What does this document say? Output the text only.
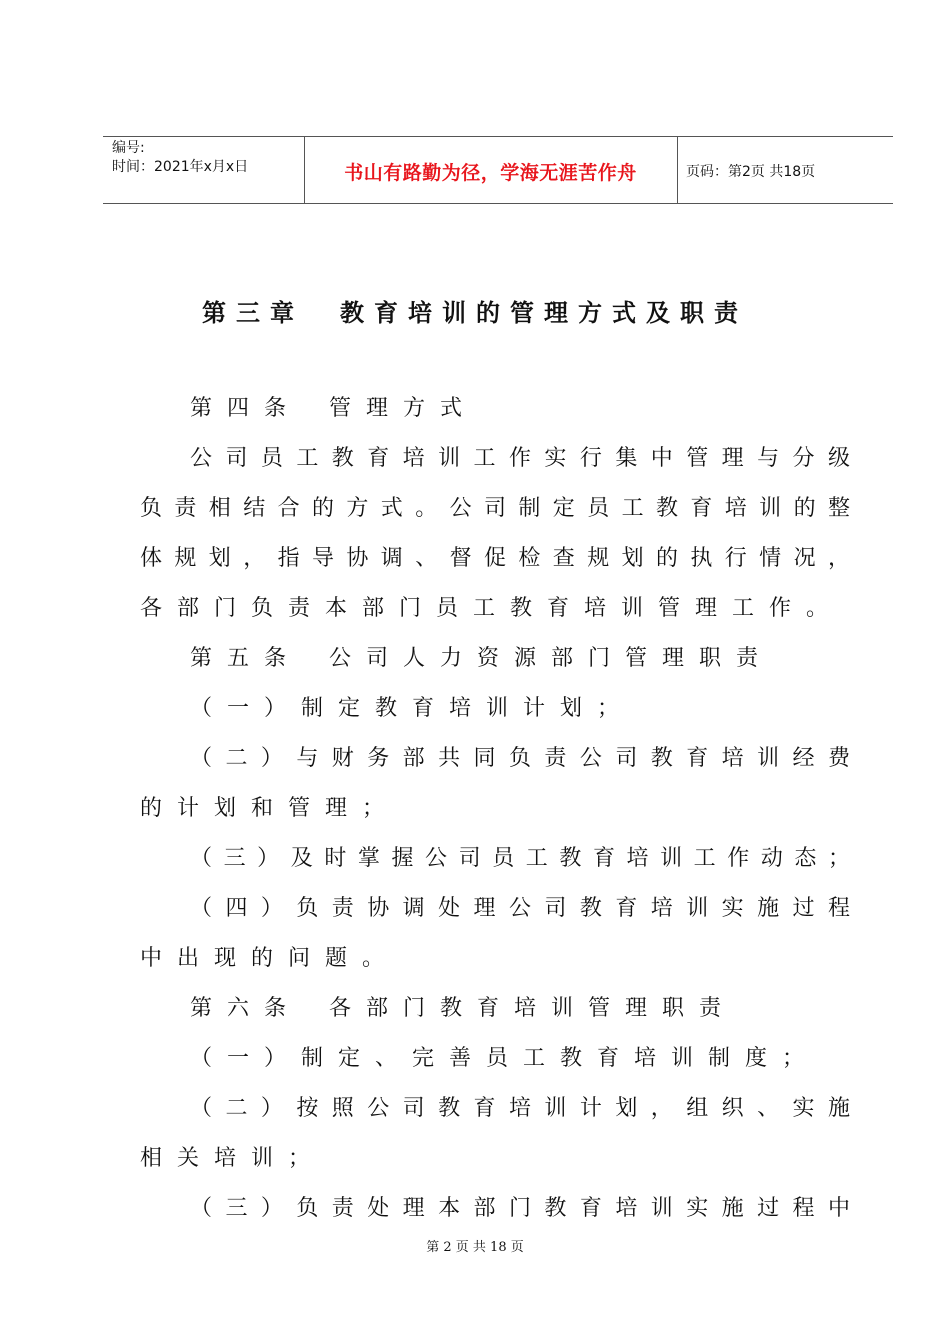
编号:
时间：2021年x月x日	书山有路勤为径，学海无涯苦作舟	页码：第2页 共18页
第三章 教育培训的管理方式及职责
第四条 管理方式
公司员工教育培训工作实行集中管理与分级
负责相结合的方式。公司制定员工教育培训的整
体规划，指导协调、督促检查规划的执行情况，
各部门负责本部门员工教育培训管理工作。
第五条 公司人力资源部门管理职责
（一）制定教育培训计划；
（二）与财务部共同负责公司教育培训经费
的计划和管理；
（三）及时掌握公司员工教育培训工作动态；
（四）负责协调处理公司教育培训实施过程
中出现的问题。
第六条 各部门教育培训管理职责
（一）制定、完善员工教育培训制度；
（二）按照公司教育培训计划，组织、实施
相关培训；
（三）负责处理本部门教育培训实施过程中
第 2 页 共 18 页
